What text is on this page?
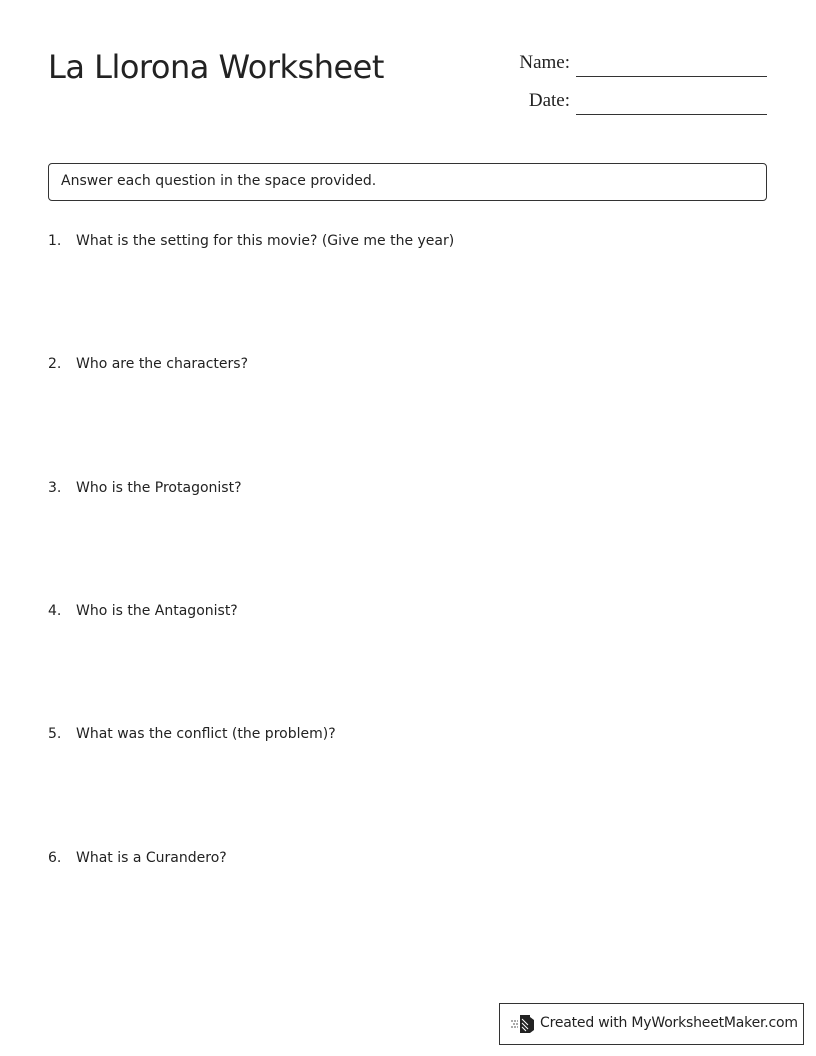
La Llorona Worksheet	Name:
Date:
Answer each question in the space provided.
1.	What is the setting for this movie? (Give me the year)
2.	Who are the characters?
3.	Who is the Protagonist?
4.	Who is the Antagonist?
5.	What was the conflict (the problem)?
6.	What is a Curandero?
Created with MyWorksheetMaker.com
